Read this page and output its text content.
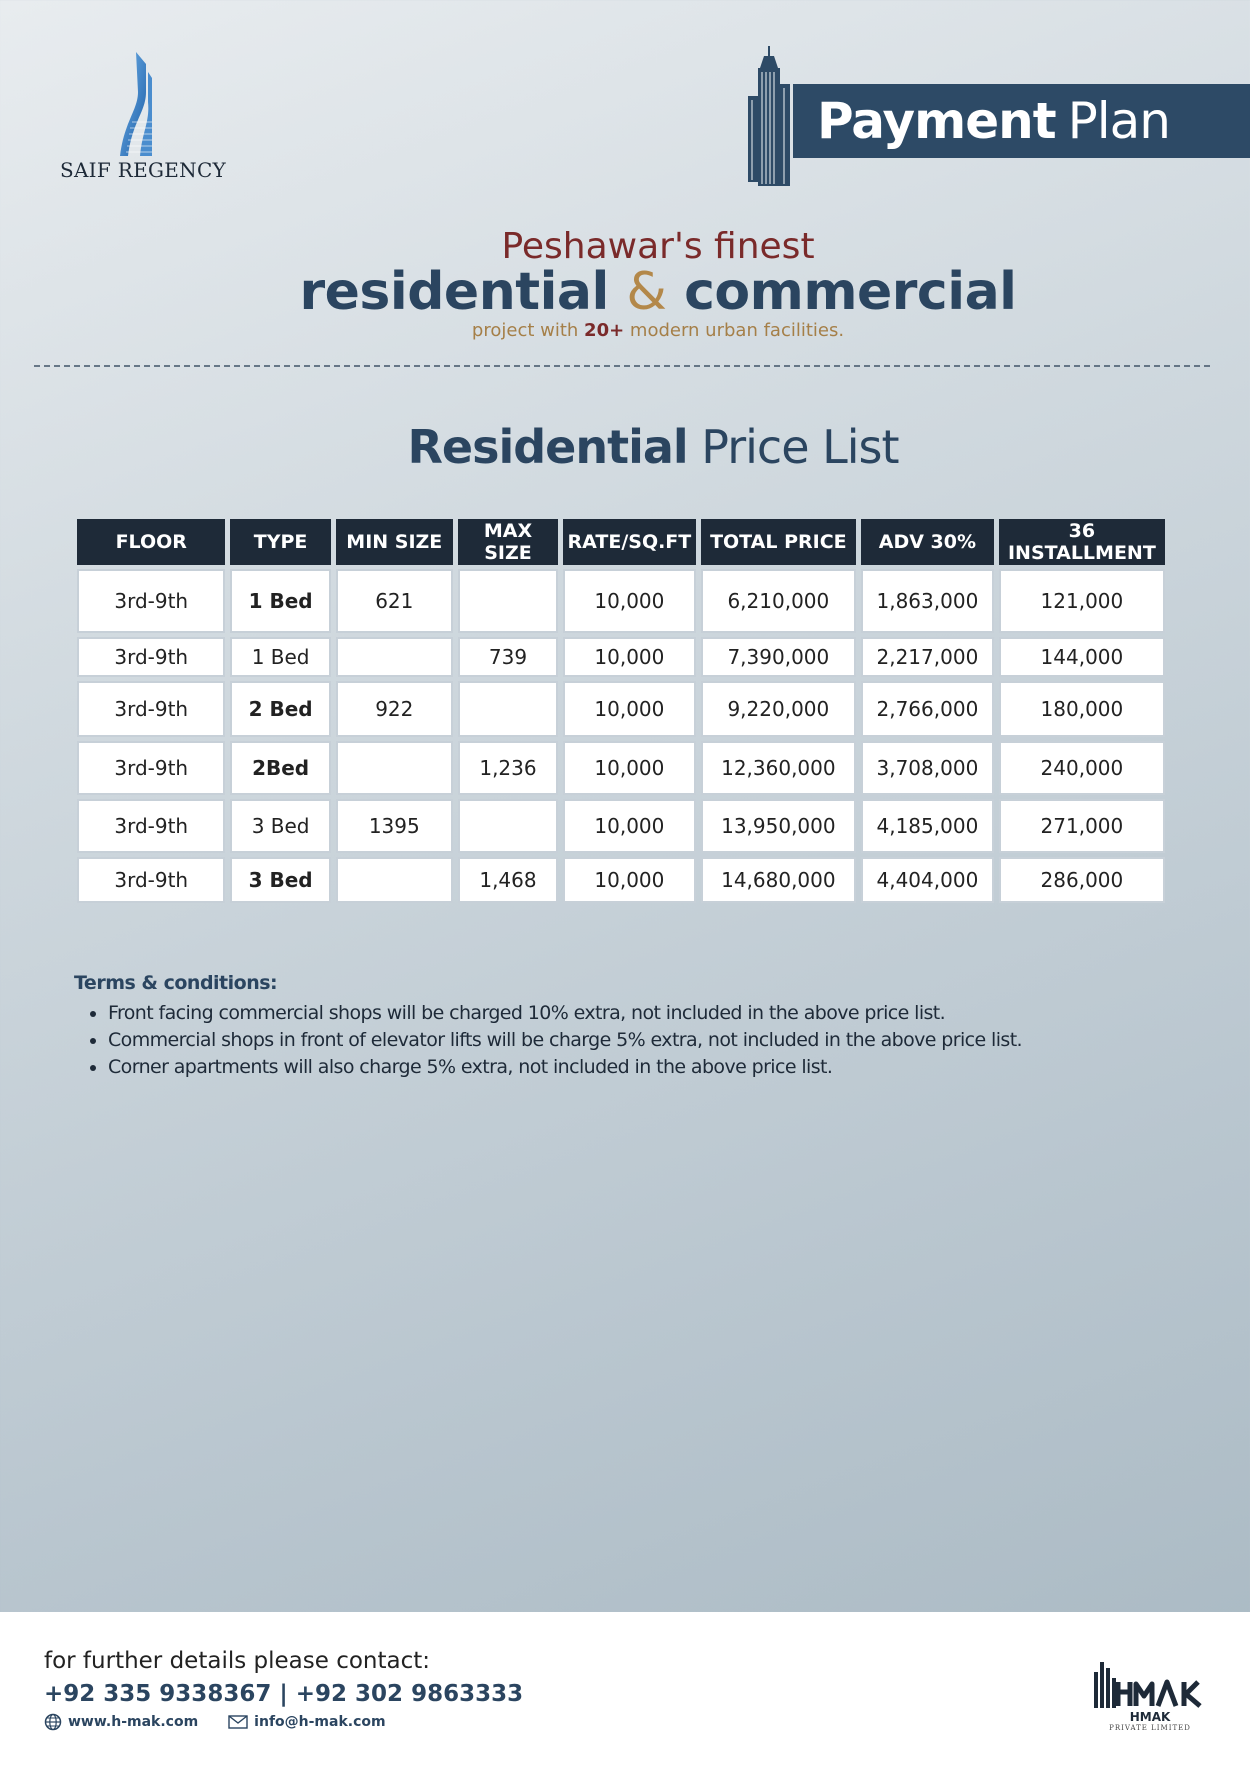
SAIF REGENCY
Payment Plan
Peshawar's finest
residential & commercial
project with 20+ modern urban facilities.
Residential Price List
FLOOR	TYPE	MIN SIZE	MAX SIZE	RATE/SQ.FT	TOTAL PRICE	ADV 30%	36 INSTALLMENT
3rd-9th	1 Bed	621		10,000	6,210,000	1,863,000	121,000
3rd-9th	1 Bed		739	10,000	7,390,000	2,217,000	144,000
3rd-9th	2 Bed	922		10,000	9,220,000	2,766,000	180,000
3rd-9th	2Bed		1,236	10,000	12,360,000	3,708,000	240,000
3rd-9th	3 Bed	1395		10,000	13,950,000	4,185,000	271,000
3rd-9th	3 Bed		1,468	10,000	14,680,000	4,404,000	286,000
Terms & conditions:
• Front facing commercial shops will be charged 10% extra, not included in the above price list.
• Commercial shops in front of elevator lifts will be charge 5% extra, not included in the above price list.
• Corner apartments will also charge 5% extra, not included in the above price list.
for further details please contact:
+92 335 9338367 | +92 302 9863333
www.h-mak.com	info@h-mak.com	HMAK
PRIVATE LIMITED
